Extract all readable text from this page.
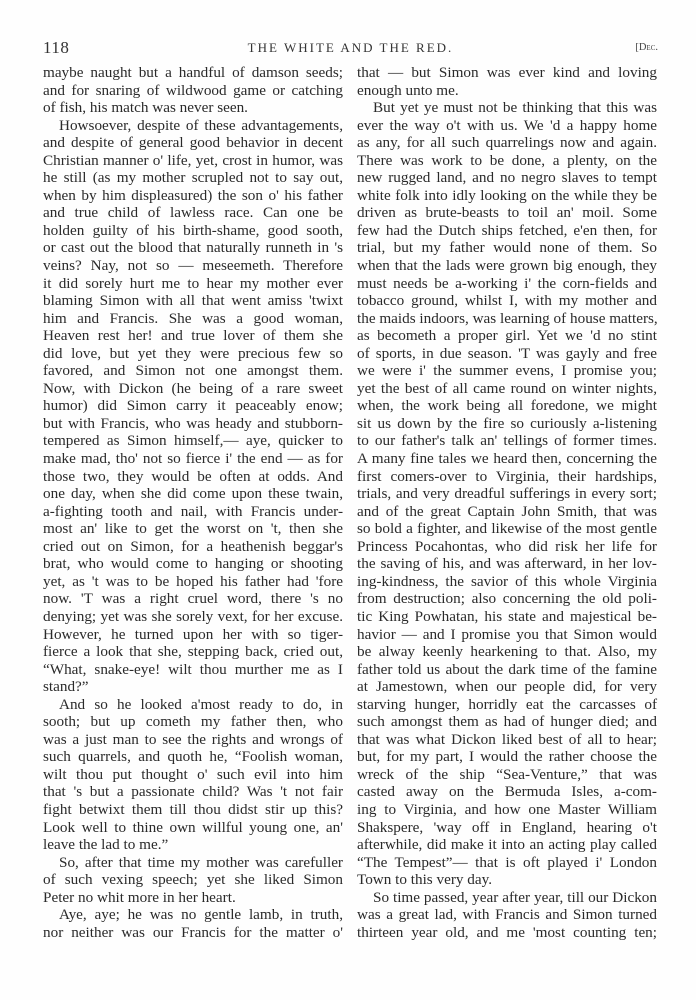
118	THE WHITE AND THE RED.	[Dec.
maybe naught but a handful of damson seeds;
and for snaring of wildwood game or catching
of fish, his match was never seen.
Howsoever, despite of these advantagements,
and despite of general good behavior in decent
Christian manner o' life, yet, crost in humor, was
he still (as my mother scrupled not to say out,
when by him displeasured) the son o' his father
and true child of lawless race. Can one be
holden guilty of his birth-shame, good sooth,
or cast out the blood that naturally runneth in 's
veins? Nay, not so — meseemeth. Therefore
it did sorely hurt me to hear my mother ever
blaming Simon with all that went amiss 'twixt
him and Francis. She was a good woman,
Heaven rest her! and true lover of them she
did love, but yet they were precious few so
favored, and Simon not one amongst them.
Now, with Dickon (he being of a rare sweet
humor) did Simon carry it peaceably enow;
but with Francis, who was heady and stubborn-
tempered as Simon himself,— aye, quicker to
make mad, tho' not so fierce i' the end — as for
those two, they would be often at odds. And
one day, when she did come upon these twain,
a-fighting tooth and nail, with Francis under-
most an' like to get the worst on 't, then she
cried out on Simon, for a heathenish beggar's
brat, who would come to hanging or shooting
yet, as 't was to be hoped his father had 'fore
now. 'T was a right cruel word, there 's no
denying; yet was she sorely vext, for her excuse.
However, he turned upon her with so tiger-
fierce a look that she, stepping back, cried out,
“What, snake-eye! wilt thou murther me as I
stand?”
And so he looked a'most ready to do, in
sooth; but up cometh my father then, who
was a just man to see the rights and wrongs of
such quarrels, and quoth he, “Foolish woman,
wilt thou put thought o' such evil into him
that 's but a passionate child? Was 't not fair
fight betwixt them till thou didst stir up this?
Look well to thine own willful young one, an'
leave the lad to me.”
So, after that time my mother was carefuller
of such vexing speech; yet she liked Simon
Peter no whit more in her heart.
Aye, aye; he was no gentle lamb, in truth,
nor neither was our Francis for the matter o'
that — but Simon was ever kind and loving
enough unto me.
But yet ye must not be thinking that this was
ever the way o't with us. We 'd a happy home
as any, for all such quarrelings now and again.
There was work to be done, a plenty, on the
new rugged land, and no negro slaves to tempt
white folk into idly looking on the while they be
driven as brute-beasts to toil an' moil. Some
few had the Dutch ships fetched, e'en then, for
trial, but my father would none of them. So
when that the lads were grown big enough, they
must needs be a-working i' the corn-fields and
tobacco ground, whilst I, with my mother and
the maids indoors, was learning of house matters,
as becometh a proper girl. Yet we 'd no stint
of sports, in due season. 'T was gayly and free
we were i' the summer evens, I promise you;
yet the best of all came round on winter nights,
when, the work being all foredone, we might
sit us down by the fire so curiously a-listening
to our father's talk an' tellings of former times.
A many fine tales we heard then, concerning the
first comers-over to Virginia, their hardships,
trials, and very dreadful sufferings in every sort;
and of the great Captain John Smith, that was
so bold a fighter, and likewise of the most gentle
Princess Pocahontas, who did risk her life for
the saving of his, and was afterward, in her lov-
ing-kindness, the savior of this whole Virginia
from destruction; also concerning the old poli-
tic King Powhatan, his state and majestical be-
havior — and I promise you that Simon would
be alway keenly hearkening to that. Also, my
father told us about the dark time of the famine
at Jamestown, when our people did, for very
starving hunger, horridly eat the carcasses of
such amongst them as had of hunger died; and
that was what Dickon liked best of all to hear;
but, for my part, I would the rather choose the
wreck of the ship “Sea-Venture,” that was
casted away on the Bermuda Isles, a-com-
ing to Virginia, and how one Master William
Shakspere, 'way off in England, hearing o't
afterwhile, did make it into an acting play called
“The Tempest”— that is oft played i' London
Town to this very day.
So time passed, year after year, till our Dickon
was a great lad, with Francis and Simon turned
thirteen year old, and me 'most counting ten;
